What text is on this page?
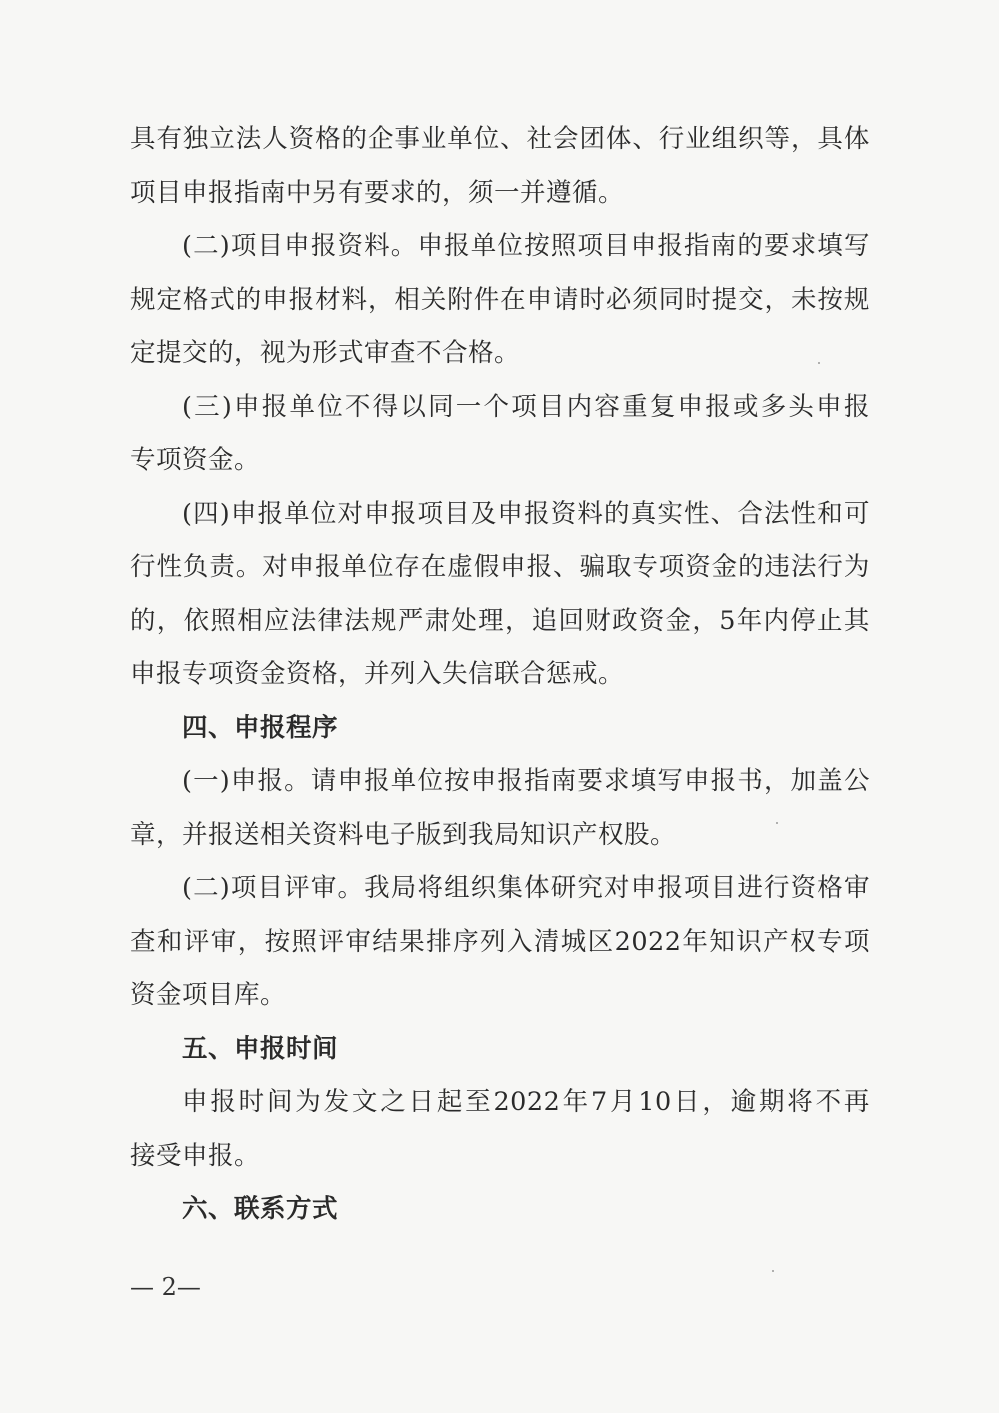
具 有 独 立 法 人 资 格 的 企 事 业 单 位 、 社 会 团 体 、 行 业 组 织 等 ， 具 体
项目申报指南中另有要求的，须一并遵循。
( 二 ) 项 目 申 报 资 料 。 申 报 单 位 按 照 项 目 申 报 指 南 的 要 求 填 写
规 定 格 式 的 申 报 材 料 ， 相 关 附 件 在 申 请 时 必 须 同 时 提 交 ， 未 按 规
定提交的，视为形式审查不合格。
( 三 ) 申 报 单 位 不 得 以 同 一 个 项 目 内 容 重 复 申 报 或 多 头 申 报
专项资金。
( 四 ) 申 报 单 位 对 申 报 项 目 及 申 报 资 料 的 真 实 性 、 合 法 性 和 可
行 性 负 责 。 对 申 报 单 位 存 在 虚 假 申 报 、 骗 取 专 项 资 金 的 违 法 行 为
的 ， 依 照 相 应 法 律 法 规 严 肃 处 理 ， 追 回 财 政 资 金 ， 5 年 内 停 止 其
申报专项资金资格，并列入失信联合惩戒。
四、申报程序
( 一 ) 申 报 。 请 申 报 单 位 按 申 报 指 南 要 求 填 写 申 报 书 ， 加 盖 公
章，并报送相关资料电子版到我局知识产权股。
( 二 ) 项 目 评 审 。 我 局 将 组 织 集 体 研 究 对 申 报 项 目 进 行 资 格 审
查 和 评 审 ， 按 照 评 审 结 果 排 序 列 入 清 城 区 2022 年 知 识 产 权 专 项
资金项目库。
五、申报时间
申 报 时 间 为 发 文 之 日 起 至 2022 年 7 月 10 日 ， 逾 期 将 不 再
接受申报。
六、联系方式
— 2—
